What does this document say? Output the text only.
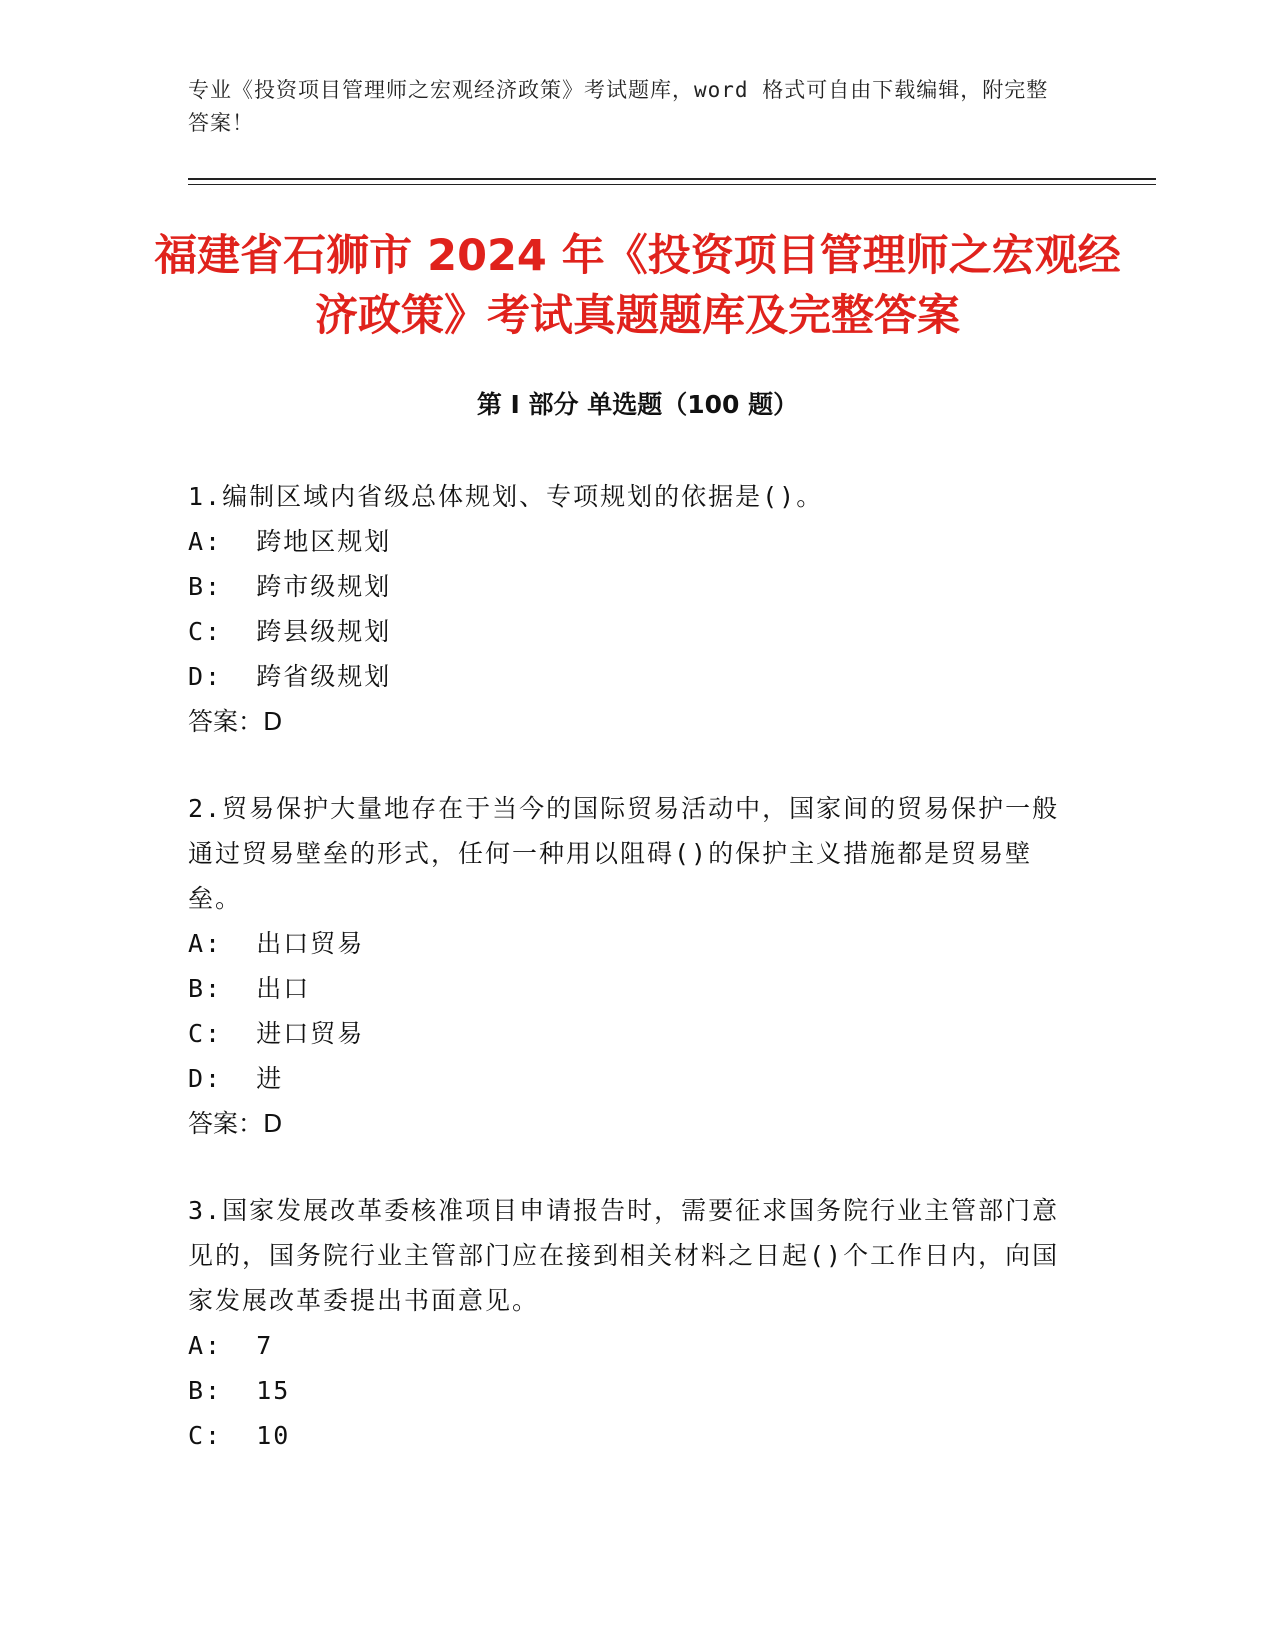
专业《投资项目管理师之宏观经济政策》考试题库，word 格式可自由下载编辑，附完整答案！
福建省石狮市 2024 年《投资项目管理师之宏观经济政策》考试真题题库及完整答案
第 I 部分 单选题（100 题）

1.编制区域内省级总体规划、专项规划的依据是()。

A:  跨地区规划

B:  跨市级规划

C:  跨县级规划

D:  跨省级规划

答案：D

2.贸易保护大量地存在于当今的国际贸易活动中，国家间的贸易保护一般通过贸易壁垒的形式，任何一种用以阻碍()的保护主义措施都是贸易壁垒。

A:  出口贸易

B:  出口

C:  进口贸易

D:  进

答案：D

3.国家发展改革委核准项目申请报告时，需要征求国务院行业主管部门意见的，国务院行业主管部门应在接到相关材料之日起()个工作日内，向国家发展改革委提出书面意见。

A:  7

B:  15

C:  10
